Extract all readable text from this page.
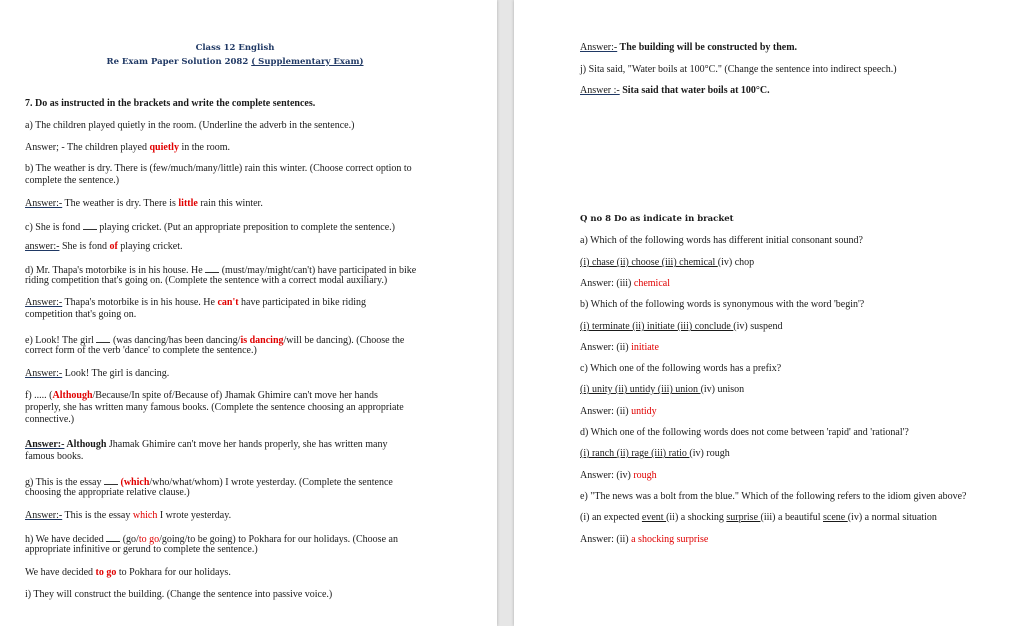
Class 12 English
Re Exam Paper Solution 2082 ( Supplementary Exam)
7. Do as instructed in the brackets and write the complete sentences.
a) The children played quietly in the room. (Underline the adverb in the sentence.)
Answer; - The children played quietly in the room.
b) The weather is dry. There is (few/much/many/little) rain this winter. (Choose correct option to
complete the sentence.)
Answer:- The weather is dry. There is little rain this winter.
c) She is fond  playing cricket. (Put an appropriate preposition to complete the sentence.)
answer:- She is fond of playing cricket.
d) Mr. Thapa's motorbike is in his house. He  (must/may/might/can't) have participated in bike
riding competition that's going on. (Complete the sentence with a correct modal auxiliary.)
Answer:- Thapa's motorbike is in his house. He can't have participated in bike riding
competition that's going on.
e) Look! The girl  (was dancing/has been dancing/is dancing/will be dancing). (Choose the
correct form of the verb 'dance' to complete the sentence.)
Answer:- Look! The girl is dancing.
f) ..... (Although/Because/In spite of/Because of) Jhamak Ghimire can't move her hands
properly, she has written many famous books. (Complete the sentence choosing an appropriate
connective.)
Answer:- Although Jhamak Ghimire can't move her hands properly, she has written many
famous books.
g) This is the essay  (which/who/what/whom) I wrote yesterday. (Complete the sentence
choosing the appropriate relative clause.)
Answer:- This is the essay which I wrote yesterday.
h) We have decided  (go/to go/going/to be going) to Pokhara for our holidays. (Choose an
appropriate infinitive or gerund to complete the sentence.)
We have decided to go to Pokhara for our holidays.
i) They will construct the building. (Change the sentence into passive voice.)
Answer:- The building will be constructed by them.
j) Sita said, "Water boils at 100°C." (Change the sentence into indirect speech.)
Answer :- Sita said that water boils at 100°C.
Q no 8 Do as indicate in bracket
a) Which of the following words has different initial consonant sound?
(i) chase (ii) choose (iii) chemical (iv) chop
Answer: (iii) chemical
b) Which of the following words is synonymous with the word 'begin'?
(i) terminate (ii) initiate (iii) conclude (iv) suspend
Answer: (ii) initiate
c) Which one of the following words has a prefix?
(i) unity (ii) untidy (iii) union (iv) unison
Answer: (ii) untidy
d) Which one of the following words does not come between 'rapid' and 'rational'?
(i) ranch (ii) rage (iii) ratio (iv) rough
Answer: (iv) rough
e) "The news was a bolt from the blue." Which of the following refers to the idiom given above?
(i) an expected event (ii) a shocking surprise (iii) a beautiful scene (iv) a normal situation
Answer: (ii) a shocking surprise
